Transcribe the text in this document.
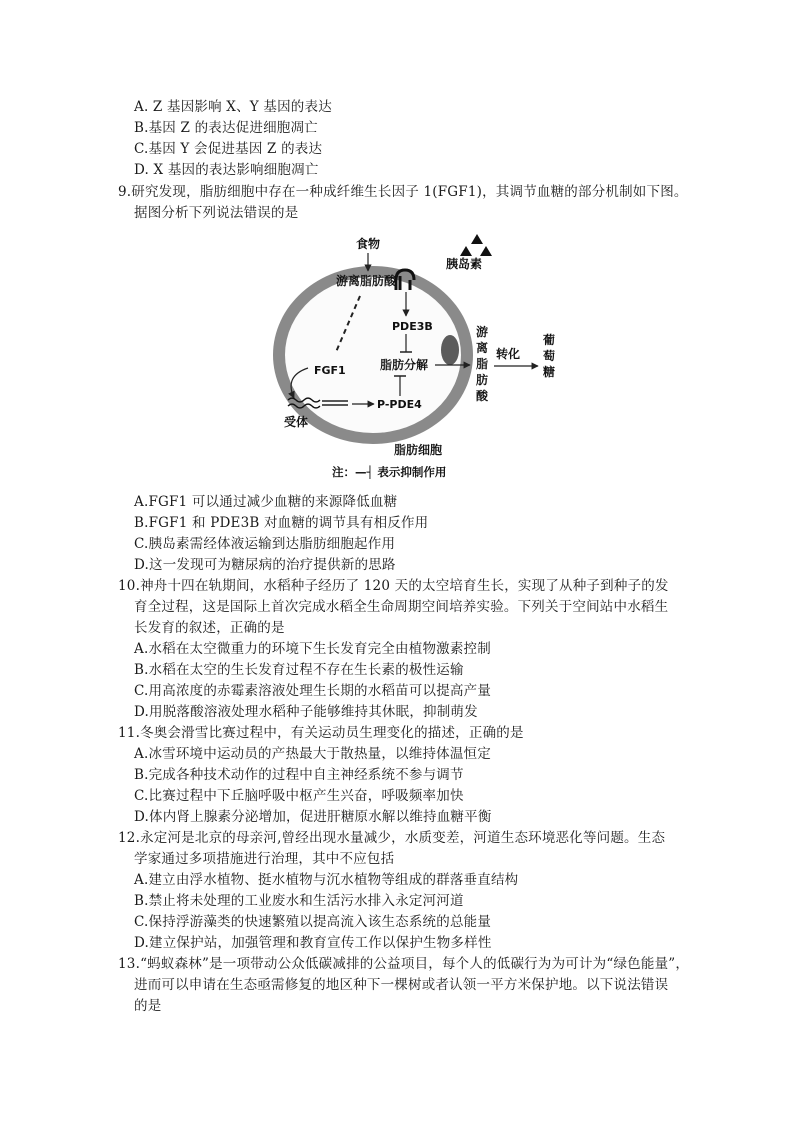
A. Z 基因影响 X、Y 基因的表达
B.基因 Z 的表达促进细胞凋亡
C.基因 Y 会促进基因 Z 的表达
D. X 基因的表达影响细胞凋亡
9.研究发现，脂肪细胞中存在一种成纤维生长因子 1(FGF1)，其调节血糖的部分机制如下图。
据图分析下列说法错误的是
食物
游离脂肪酸
胰岛素
PDE3B
脂肪分解
FGF1
P-PDE4
受体
游
离
脂
肪
酸
转化
葡
萄
糖
脂肪细胞
注：—┤ 表示抑制作用
A.FGF1 可以通过减少血糖的来源降低血糖
B.FGF1 和 PDE3B 对血糖的调节具有相反作用
C.胰岛素需经体液运输到达脂肪细胞起作用
D.这一发现可为糖尿病的治疗提供新的思路
10.神舟十四在轨期间，水稻种子经历了 120 天的太空培育生长，实现了从种子到种子的发
育全过程，这是国际上首次完成水稻全生命周期空间培养实验。下列关于空间站中水稻生
长发育的叙述，正确的是
A.水稻在太空微重力的环境下生长发育完全由植物激素控制
B.水稻在太空的生长发育过程不存在生长素的极性运输
C.用高浓度的赤霉素溶液处理生长期的水稻苗可以提高产量
D.用脱落酸溶液处理水稻种子能够维持其休眠，抑制萌发
11.冬奥会滑雪比赛过程中，有关运动员生理变化的描述，正确的是
A.冰雪环境中运动员的产热最大于散热量，以维持体温恒定
B.完成各种技术动作的过程中自主神经系统不参与调节
C.比赛过程中下丘脑呼吸中枢产生兴奋，呼吸频率加快
D.体内肾上腺素分泌增加，促进肝糖原水解以维持血糖平衡
12.永定河是北京的母亲河,曾经出现水量减少，水质变差，河道生态环境恶化等问题。生态
学家通过多项措施进行治理，其中不应包括
A.建立由浮水植物、挺水植物与沉水植物等组成的群落垂直结构
B.禁止将未处理的工业废水和生活污水排入永定河河道
C.保持浮游藻类的快速繁殖以提高流入该生态系统的总能量
D.建立保护站，加强管理和教育宣传工作以保护生物多样性
13.“蚂蚁森林”是一项带动公众低碳减排的公益项目，每个人的低碳行为为可计为“绿色能量”，
进而可以申请在生态亟需修复的地区种下一棵树或者认领一平方米保护地。以下说法错误
的是
